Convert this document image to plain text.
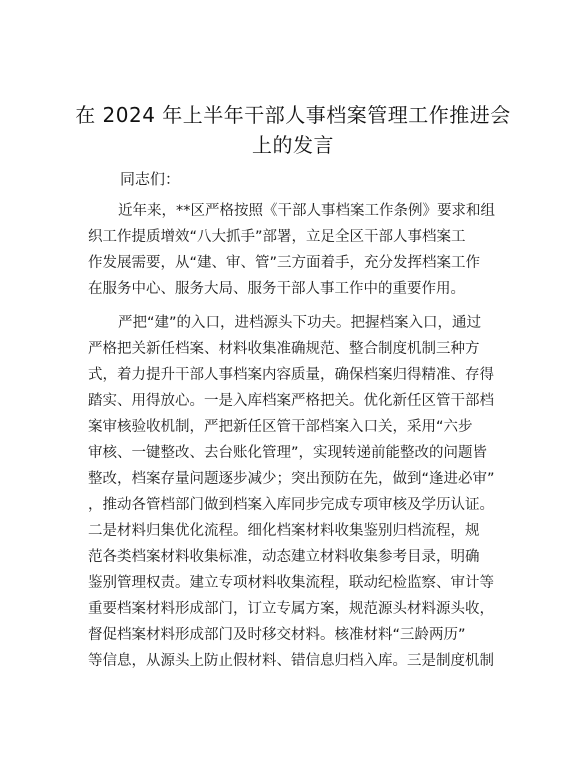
在 2024 年上半年干部人事档案管理工作推进会
上的发言
同志们：
近年来，**区严格按照《干部人事档案工作条例》要求和组
织工作提质增效“八大抓手”部署，立足全区干部人事档案工
作发展需要，从“建、审、管”三方面着手，充分发挥档案工作
在服务中心、服务大局、服务干部人事工作中的重要作用。
严把“建”的入口，进档源头下功夫。把握档案入口，通过
严格把关新任档案、材料收集准确规范、整合制度机制三种方
式，着力提升干部人事档案内容质量，确保档案归得精准、存得
踏实、用得放心。一是入库档案严格把关。优化新任区管干部档
案审核验收机制，严把新任区管干部档案入口关，采用“六步
审核、一键整改、去台账化管理”，实现转递前能整改的问题皆
整改，档案存量问题逐步减少；突出预防在先，做到“逢进必审”
，推动各管档部门做到档案入库同步完成专项审核及学历认证。
二是材料归集优化流程。细化档案材料收集鉴别归档流程，规
范各类档案材料收集标准，动态建立材料收集参考目录，明确
鉴别管理权责。建立专项材料收集流程，联动纪检监察、审计等
重要档案材料形成部门，订立专属方案，规范源头材料源头收，
督促档案材料形成部门及时移交材料。核准材料“三龄两历”
等信息，从源头上防止假材料、错信息归档入库。三是制度机制
